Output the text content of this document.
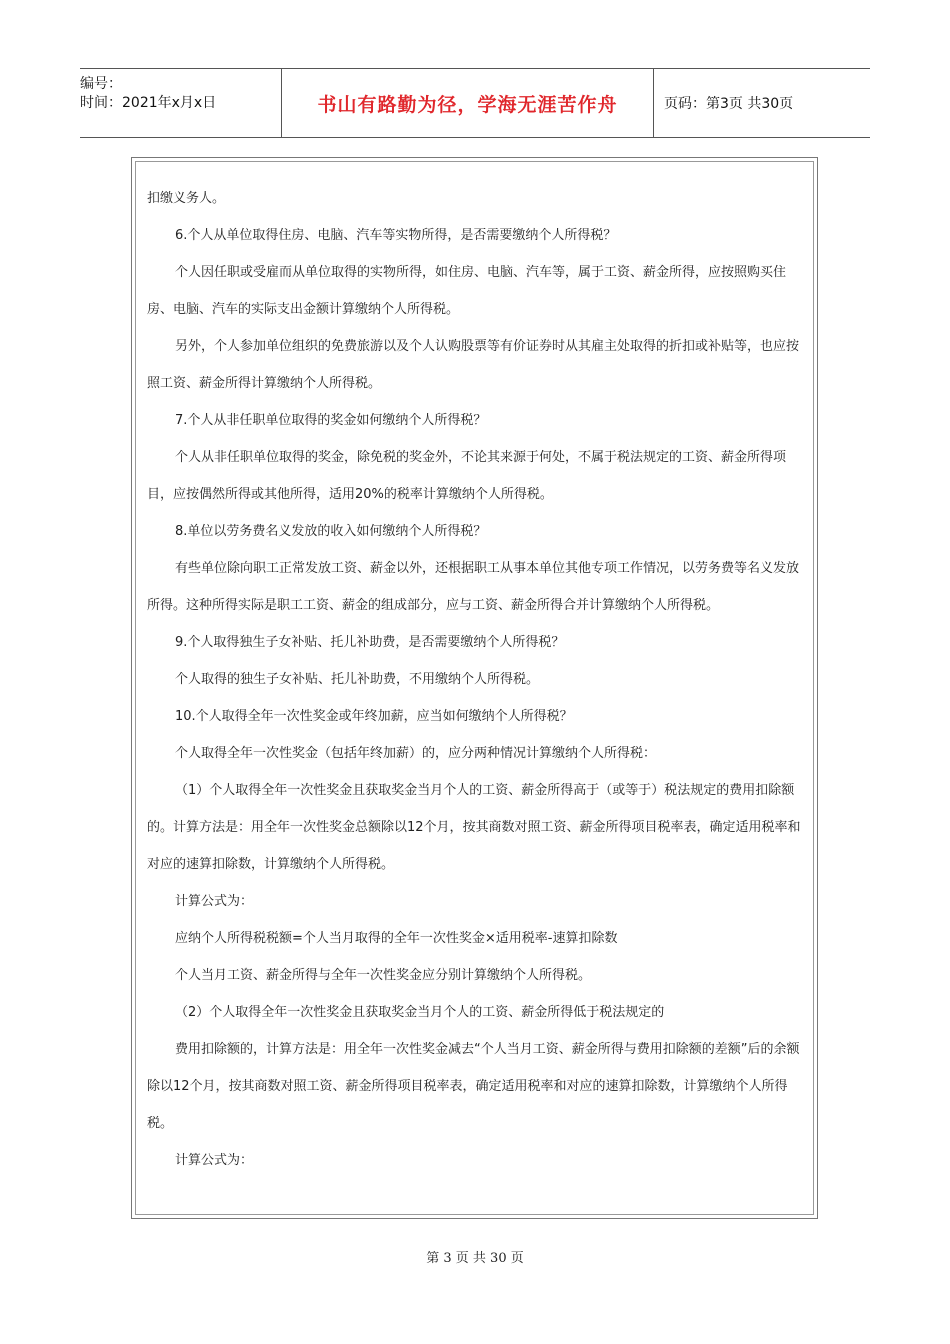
编号：
时间：2021年x月x日	书山有路勤为径，学海无涯苦作舟	页码：第3页 共30页

扣缴义务人。

6.个人从单位取得住房、电脑、汽车等实物所得，是否需要缴纳个人所得税？

个人因任职或受雇而从单位取得的实物所得，如住房、电脑、汽车等，属于工资、薪金所得，应按照购买住房、电脑、汽车的实际支出金额计算缴纳个人所得税。

另外，个人参加单位组织的免费旅游以及个人认购股票等有价证券时从其雇主处取得的折扣或补贴等，也应按照工资、薪金所得计算缴纳个人所得税。

7.个人从非任职单位取得的奖金如何缴纳个人所得税？

个人从非任职单位取得的奖金，除免税的奖金外，不论其来源于何处，不属于税法规定的工资、薪金所得项目，应按偶然所得或其他所得，适用20%的税率计算缴纳个人所得税。

8.单位以劳务费名义发放的收入如何缴纳个人所得税？

有些单位除向职工正常发放工资、薪金以外，还根据职工从事本单位其他专项工作情况，以劳务费等名义发放所得。这种所得实际是职工工资、薪金的组成部分，应与工资、薪金所得合并计算缴纳个人所得税。

9.个人取得独生子女补贴、托儿补助费，是否需要缴纳个人所得税？

个人取得的独生子女补贴、托儿补助费，不用缴纳个人所得税。

10.个人取得全年一次性奖金或年终加薪，应当如何缴纳个人所得税？

个人取得全年一次性奖金（包括年终加薪）的，应分两种情况计算缴纳个人所得税：

（1）个人取得全年一次性奖金且获取奖金当月个人的工资、薪金所得高于（或等于）税法规定的费用扣除额的。计算方法是：用全年一次性奖金总额除以12个月，按其商数对照工资、薪金所得项目税率表，确定适用税率和对应的速算扣除数，计算缴纳个人所得税。

计算公式为：

应纳个人所得税税额=个人当月取得的全年一次性奖金×适用税率-速算扣除数

个人当月工资、薪金所得与全年一次性奖金应分别计算缴纳个人所得税。

（2）个人取得全年一次性奖金且获取奖金当月个人的工资、薪金所得低于税法规定的

费用扣除额的，计算方法是：用全年一次性奖金减去“个人当月工资、薪金所得与费用扣除额的差额”后的余额除以12个月，按其商数对照工资、薪金所得项目税率表，确定适用税率和对应的速算扣除数，计算缴纳个人所得税。

计算公式为：

第 3 页 共 30 页
